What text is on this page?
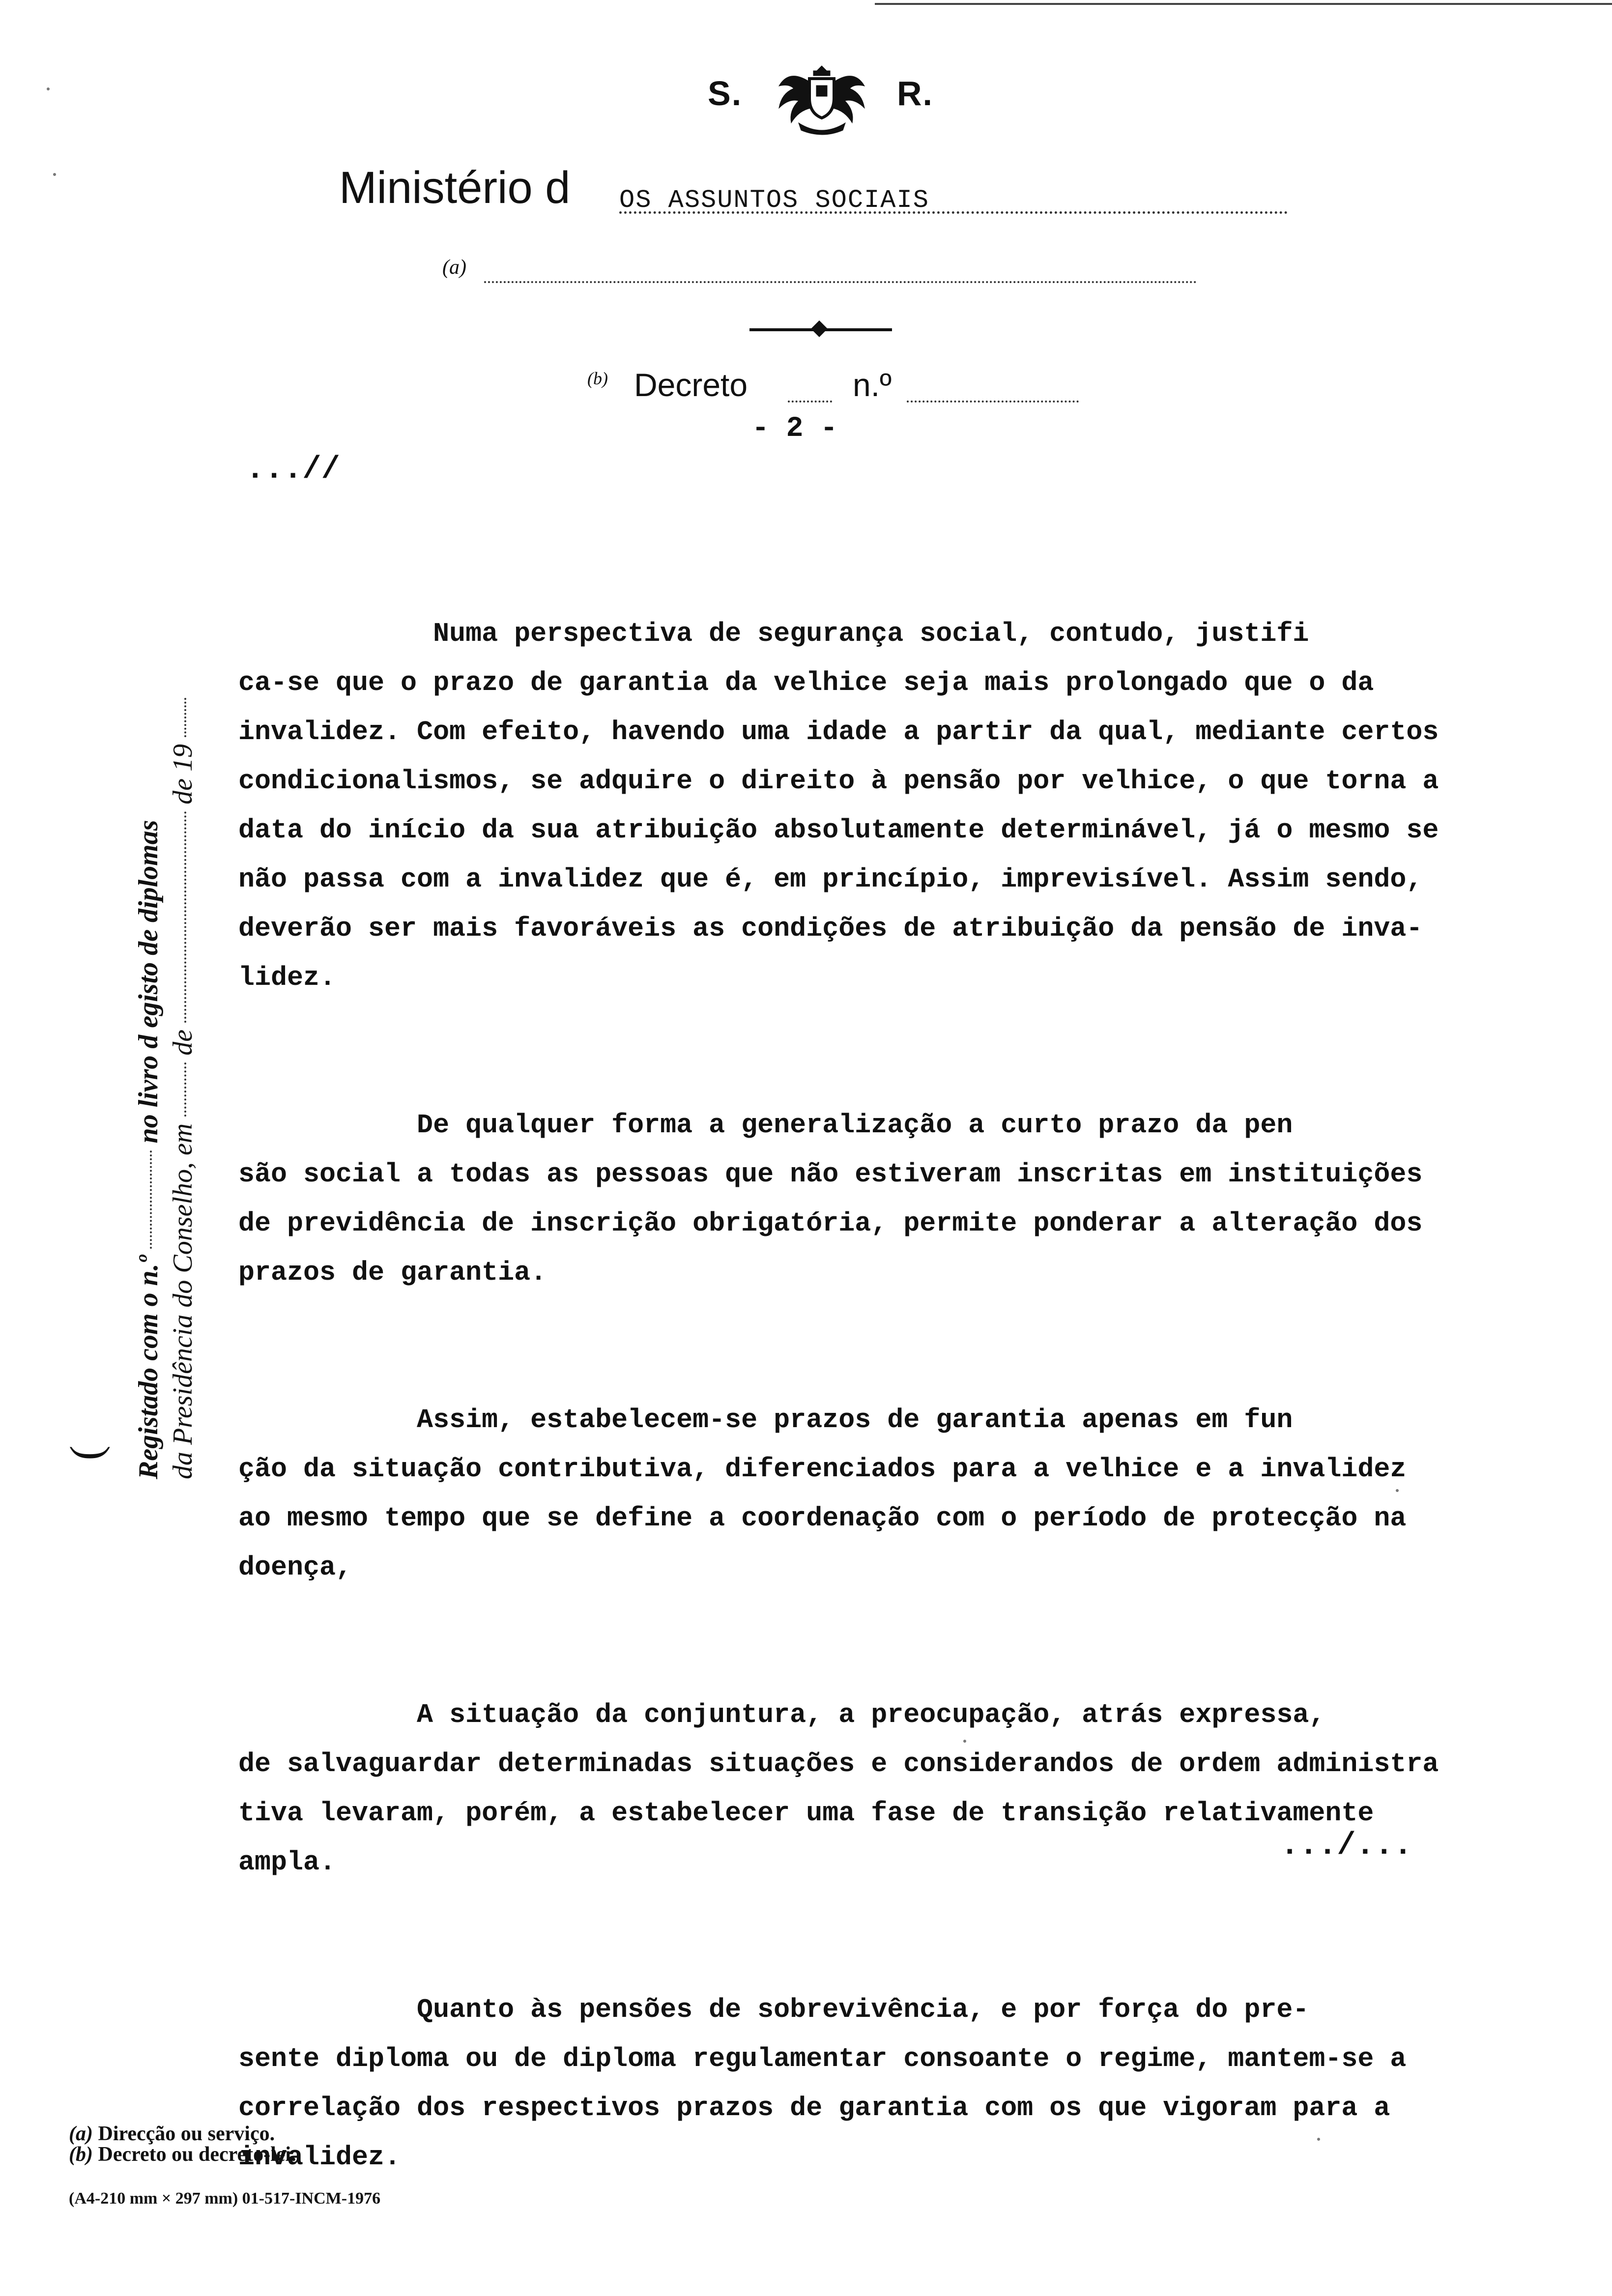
S.	R.
Ministério d OS ASSUNTOS SOCIAIS
(a)
(b) Decreto	n.º
- 2 -
...//

Numa perspectiva de segurança social, contudo, justifi
ca-se que o prazo de garantia da velhice seja mais prolongado que o da
invalidez. Com efeito, havendo uma idade a partir da qual, mediante certos
condicionalismos, se adquire o direito à pensão por velhice, o que torna a
data do início da sua atribuição absolutamente determinável, já o mesmo se
não passa com a invalidez que é, em princípio, imprevisível. Assim sendo,
deverão ser mais favoráveis as condições de atribuição da pensão de inva-
lidez.

De qualquer forma a generalização a curto prazo da pen
são social a todas as pessoas que não estiveram inscritas em instituições
de previdência de inscrição obrigatória, permite ponderar a alteração dos
prazos de garantia.

Assim, estabelecem-se prazos de garantia apenas em fun
ção da situação contributiva, diferenciados para a velhice e a invalidez
ao mesmo tempo que se define a coordenação com o período de protecção na
doença,

A situação da conjuntura, a preocupação, atrás expressa,
de salvaguardar determinadas situações e considerandos de ordem administra
tiva levaram, porém, a estabelecer uma fase de transição relativamente
ampla.

Quanto às pensões de sobrevivência, e por força do pre-
sente diploma ou de diploma regulamentar consoante o regime, mantem-se a
correlação dos respectivos prazos de garantia com os que vigoram para a
invalidez.

.../...
( Registado com o n.º  no livro d egisto de diplomas
da Presidência do Conselho, em  de  de 19
(a) Direcção ou serviço.
(b) Decreto ou decreto-lei.
(A4-210 mm × 297 mm) 01-517-INCM-1976
